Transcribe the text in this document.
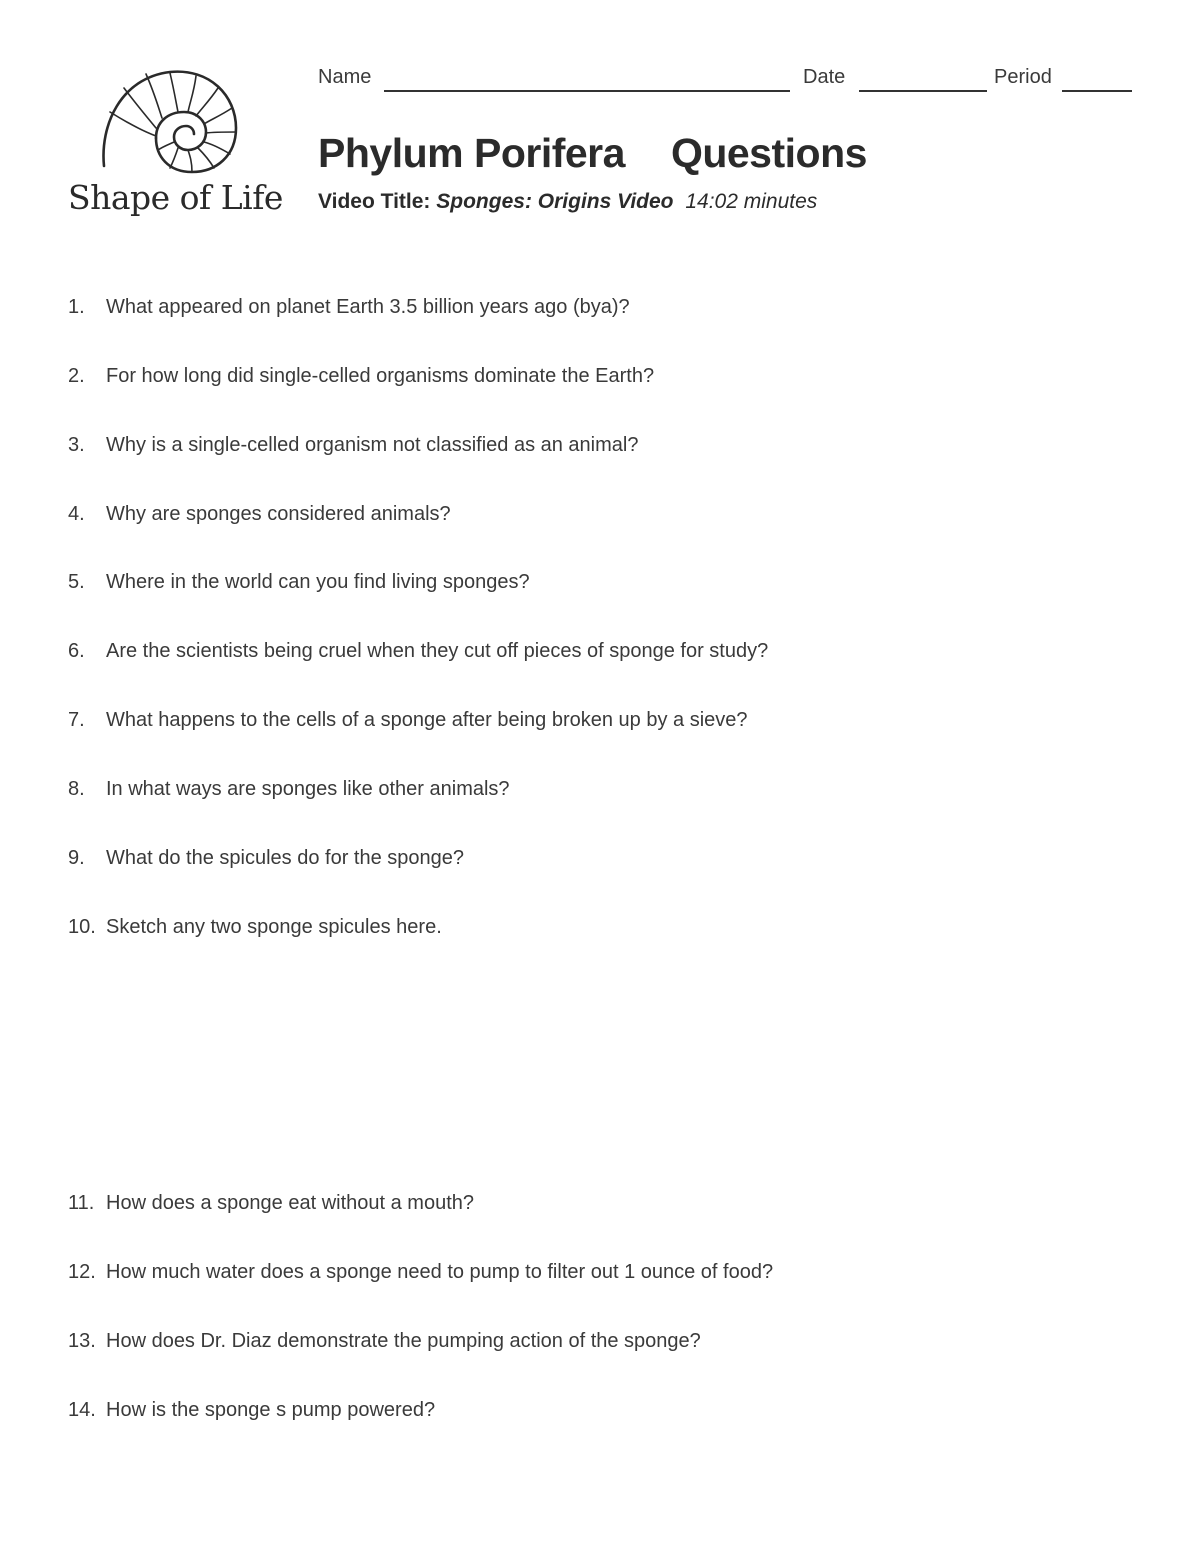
Shape of Life
Name	Date	Period
Phylum Porifera Questions
Video Title: Sponges: Origins Video 14:02 minutes
1. What appeared on planet Earth 3.5 billion years ago (bya)?
2. For how long did single-celled organisms dominate the Earth?
3. Why is a single-celled organism not classified as an animal?
4. Why are sponges considered animals?
5. Where in the world can you find living sponges?
6. Are the scientists being cruel when they cut off pieces of sponge for study?
7. What happens to the cells of a sponge after being broken up by a sieve?
8. In what ways are sponges like other animals?
9. What do the spicules do for the sponge?
10. Sketch any two sponge spicules here.
11. How does a sponge eat without a mouth?
12. How much water does a sponge need to pump to filter out 1 ounce of food?
13. How does Dr. Diaz demonstrate the pumping action of the sponge?
14. How is the sponge s pump powered?
